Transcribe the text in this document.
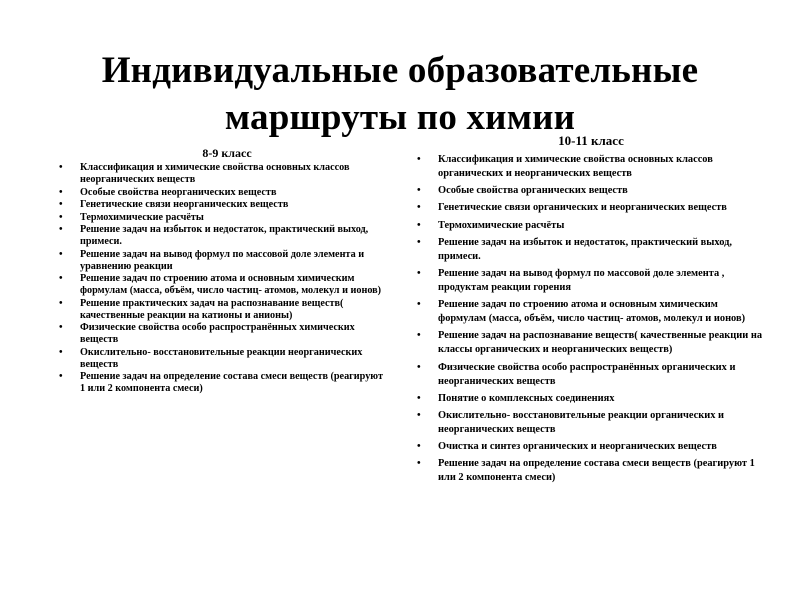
Индивидуальные образовательные
маршруты по химии
8-9 класс
• Классификация и химические свойства основных классов неорганических веществ
• Особые свойства неорганических веществ
• Генетические связи неорганических веществ
• Термохимические расчёты
• Решение задач на избыток и недостаток, практический выход, примеси.
• Решение задач на вывод формул по массовой доле элемента и уравнению реакции
• Решение задач по строению атома и основным химическим формулам (масса, объём, число частиц- атомов, молекул и ионов)
• Решение практических задач на распознавание веществ( качественные реакции на катионы и анионы)
• Физические свойства особо распространённых химических веществ
• Окислительно- восстановительные реакции неорганических веществ
• Решение задач на определение состава смеси веществ (реагируют 1 или 2 компонента смеси)
10-11 класс
• Классификация и химические свойства основных классов органических и неорганических веществ
• Особые свойства органических веществ
• Генетические связи органических и неорганических веществ
• Термохимические расчёты
• Решение задач на избыток и недостаток, практический выход, примеси.
• Решение задач на вывод формул по массовой доле элемента , продуктам реакции горения
• Решение задач по строению атома и основным химическим формулам (масса, объём, число частиц- атомов, молекул и ионов)
• Решение задач на распознавание веществ( качественные реакции на классы органических и неорганических веществ)
• Физические свойства особо распространённых органических и неорганических веществ
• Понятие о комплексных соединениях
• Окислительно- восстановительные реакции органических и неорганических веществ
• Очистка и синтез органических и неорганических веществ
• Решение задач на определение состава смеси веществ (реагируют 1 или 2 компонента смеси)
